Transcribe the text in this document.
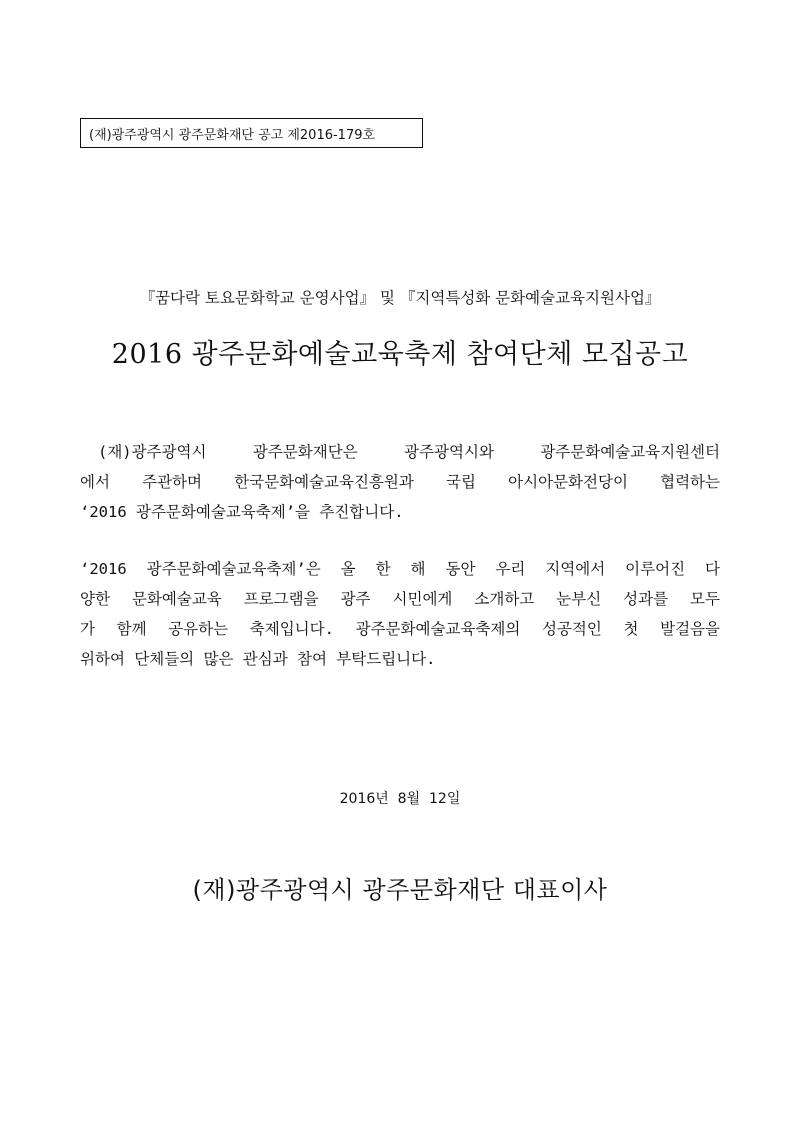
(재)광주광역시 광주문화재단 공고 제2016-179호
『꿈다락 토요문화학교 운영사업』 및 『지역특성화 문화예술교육지원사업』
2016 광주문화예술교육축제 참여단체 모집공고
(재)광주광역시 광주문화재단은 광주광역시와 광주문화예술교육지원센터
에서 주관하며 한국문화예술교육진흥원과 국립 아시아문화전당이 협력하는
‘2016 광주문화예술교육축제’을 추진합니다.
‘2016 광주문화예술교육축제’은 올 한 해 동안 우리 지역에서 이루어진 다
양한 문화예술교육 프로그램을 광주 시민에게 소개하고 눈부신 성과를 모두
가 함께 공유하는 축제입니다. 광주문화예술교육축제의 성공적인 첫 발걸음을
위하여 단체들의 많은 관심과 참여 부탁드립니다.
2016년  8월  12일
(재)광주광역시 광주문화재단 대표이사
